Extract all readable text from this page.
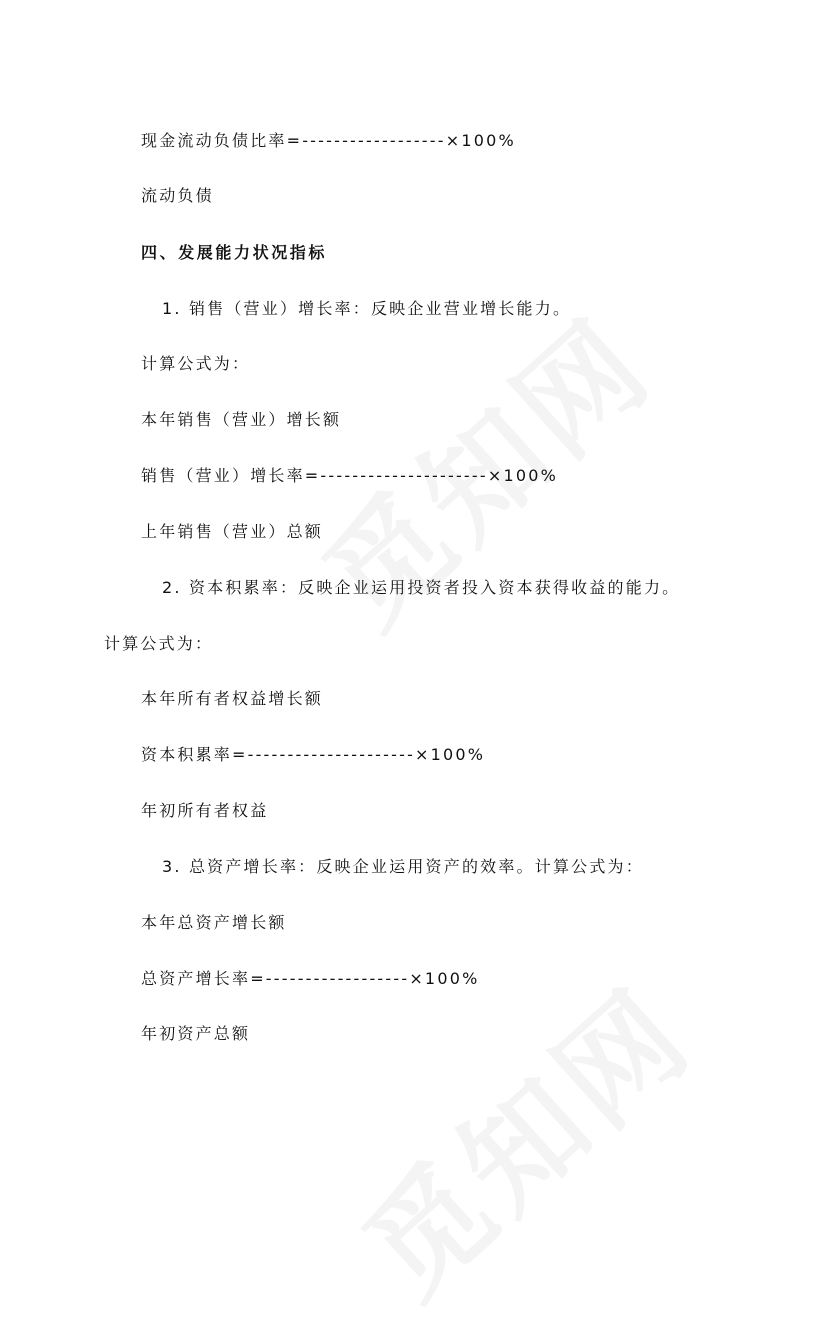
现金流动负债比率=------------------×100%
流动负债
四、发展能力状况指标
1. 销售（营业）增长率：反映企业营业增长能力。
计算公式为：
本年销售（营业）增长额
销售（营业）增长率=---------------------×100%
上年销售（营业）总额
2. 资本积累率：反映企业运用投资者投入资本获得收益的能力。
计算公式为：
本年所有者权益增长额
资本积累率=---------------------×100%
年初所有者权益
3. 总资产增长率：反映企业运用资产的效率。计算公式为：
本年总资产增长额
总资产增长率=------------------×100%
年初资产总额
